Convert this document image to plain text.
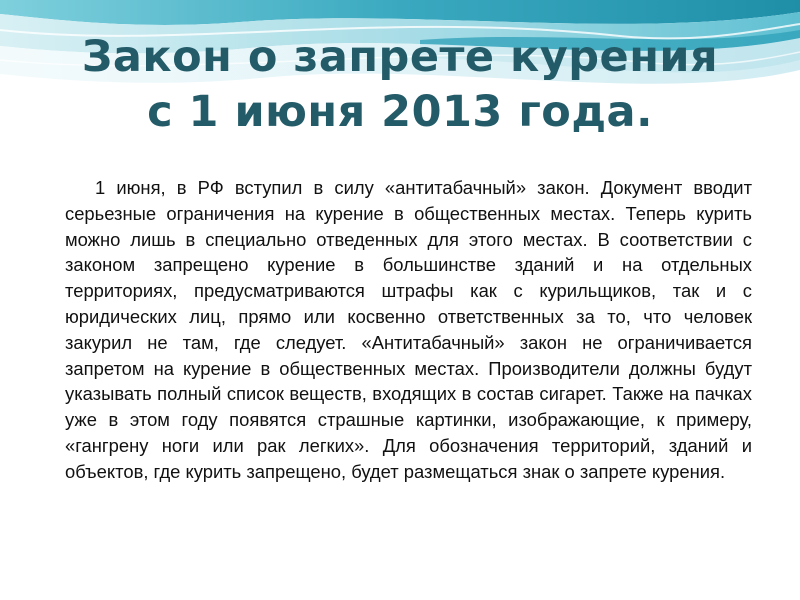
Закон о запрете курения
с 1 июня 2013 года.

1 июня, в РФ вступил в силу «антитабачный» закон. Документ вводит серьезные ограничения на курение в общественных местах. Теперь курить можно лишь в специально отведенных для этого местах. В соответствии с законом запрещено курение в большинстве зданий и на отдельных территориях, предусматриваются штрафы как с курильщиков, так и с юридических лиц, прямо или косвенно ответственных за то, что человек закурил не там, где следует. «Антитабачный» закон не ограничивается запретом на курение в общественных местах. Производители должны будут указывать полный список веществ, входящих в состав сигарет. Также на пачках уже в этом году появятся страшные картинки, изображающие, к примеру, «гангрену ноги или рак легких». Для обозначения территорий, зданий и объектов, где курить запрещено, будет размещаться знак о запрете курения.
